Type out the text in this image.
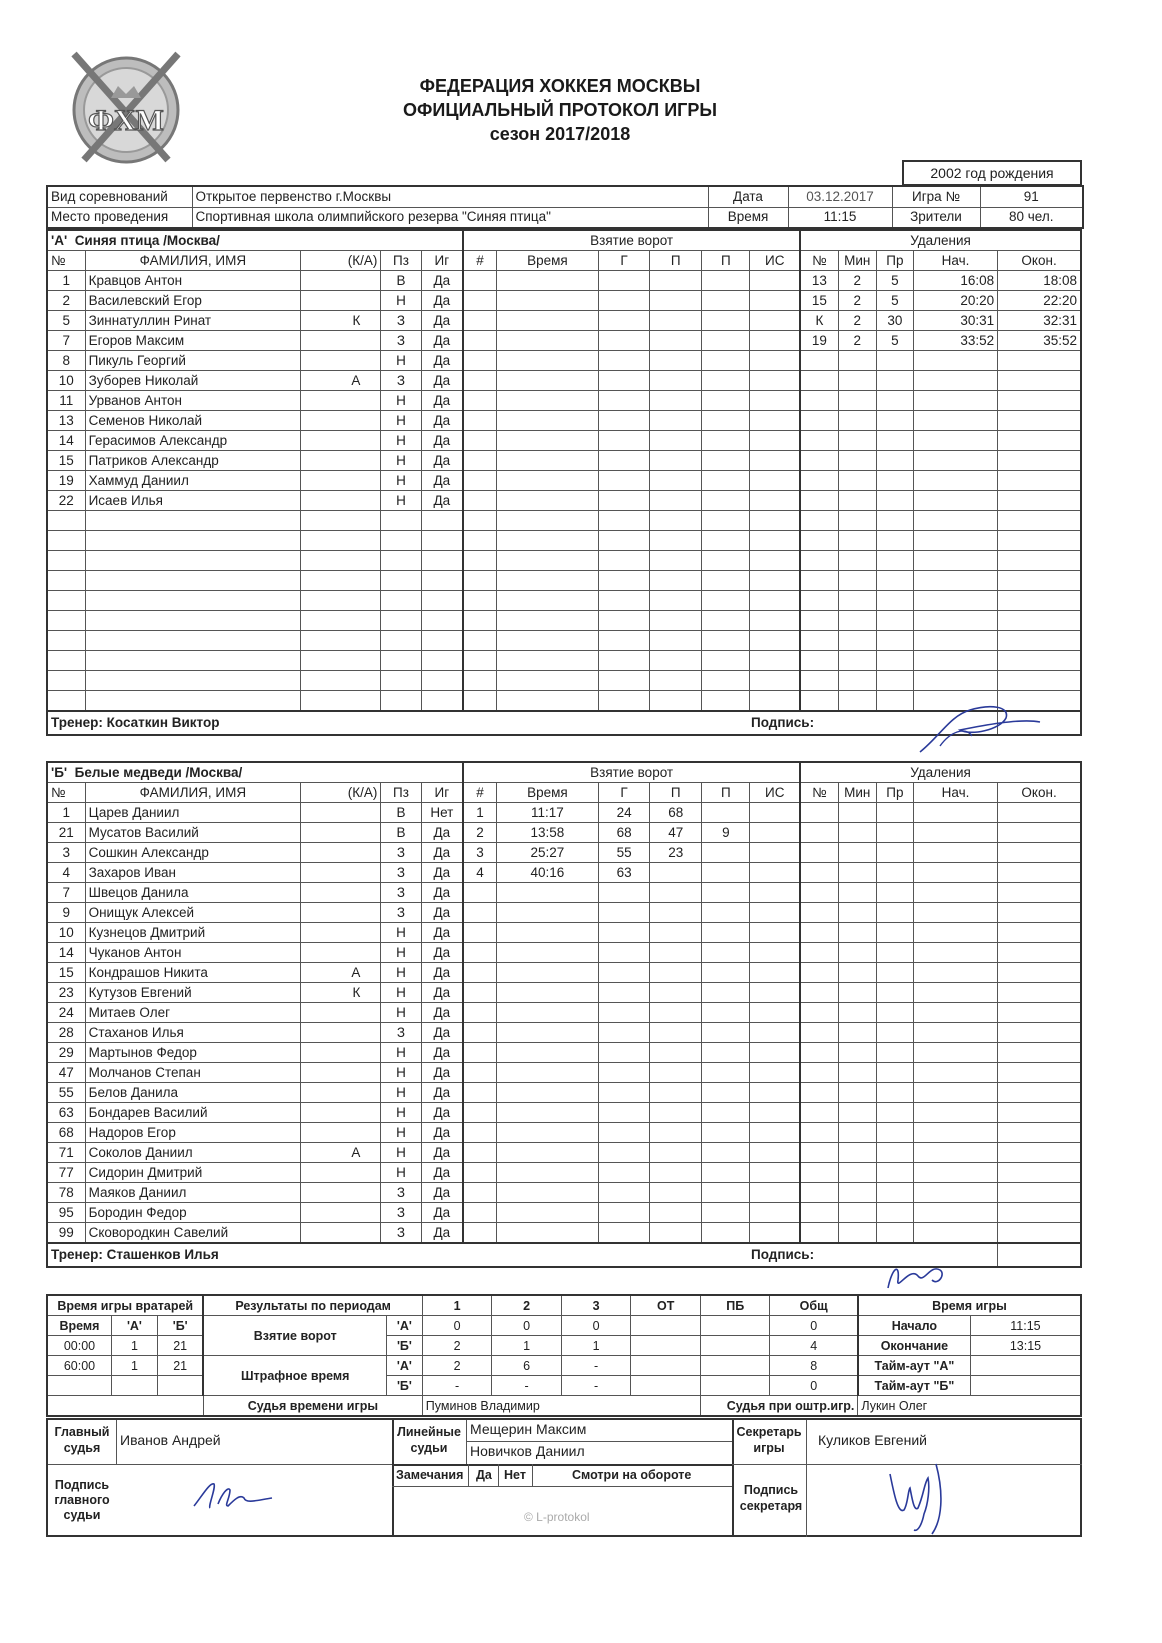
ФХМ
ФЕДЕРАЦИЯ ХОККЕЯ МОСКВЫ
ОФИЦИАЛЬНЫЙ ПРОТОКОЛ ИГРЫ
сезон 2017/2018
2002 год рождения
Вид соревнований	Открытое первенство г.Москвы	Дата	03.12.2017	Игра №	91
Место проведения	Спортивная школа олимпийского резерва "Синяя птица"	Время	11:15	Зрители	80 чел.
'А' Синяя птица /Москва/					Взятие ворот						Удаления				
№	ФАМИЛИЯ, ИМЯ	(К/А)	Пз	Иг	#	Время	Г	П	П	ИС	№	Мин	Пр	Нач.	Окон.
1	Кравцов Антон		В	Да							13	2	5	16:08	18:08
2	Василевский Егор		Н	Да							15	2	5	20:20	22:20
5	Зиннатуллин Ринат	К	З	Да							К	2	30	30:31	32:31
7	Егоров Максим		З	Да							19	2	5	33:52	35:52
8	Пикуль Георгий		Н	Да											
10	Зуборев Николай	А	З	Да											
11	Урванов Антон		Н	Да											
13	Семенов Николай		Н	Да											
14	Герасимов Александр		Н	Да											
15	Патриков Александр		Н	Да											
19	Хаммуд Даниил		Н	Да											
22	Исаев Илья		Н	Да											

Тренер: Косаткин Виктор Подпись:															

'Б' Белые медведи /Москва/					Взятие ворот						Удаления				
№	ФАМИЛИЯ, ИМЯ	(К/А)	Пз	Иг	#	Время	Г	П	П	ИС	№	Мин	Пр	Нач.	Окон.
1	Царев Даниил		В	Нет	1	11:17	24	68							
21	Мусатов Василий		В	Да	2	13:58	68	47	9						
3	Сошкин Александр		З	Да	3	25:27	55	23							
4	Захаров Иван		З	Да	4	40:16	63								
7	Швецов Данила		З	Да											
9	Онищук Алексей		З	Да											
10	Кузнецов Дмитрий		Н	Да											
14	Чуканов Антон		Н	Да											
15	Кондрашов Никита	А	Н	Да											
23	Кутузов Евгений	К	Н	Да											
24	Митаев Олег		Н	Да											
28	Стаханов Илья		З	Да											
29	Мартынов Федор		Н	Да											
47	Молчанов Степан		Н	Да											
55	Белов Данила		Н	Да											
63	Бондарев Василий		Н	Да											
68	Надоров Егор		Н	Да											
71	Соколов Даниил	А	Н	Да											
77	Сидорин Дмитрий		Н	Да											
78	Маяков Даниил		З	Да											
95	Бородин Федор		З	Да											
99	Сковородкин Савелий		З	Да											
Тренер: Сташенков Илья Подпись:															

Время игры вратарей			Результаты по периодам		1	2	3	ОТ	ПБ	Общ	Время игры	
Время	'А'	'Б'	Взятие ворот	'А'	0	0	0			0	Начало	11:15
00:00	1	21		'Б'	2	1	1			4	Окончание	13:15
60:00	1	21	Штрафное время	'А'	2	6	-			8	Тайм-аут "А"	
				'Б'	-	-	-			0	Тайм-аут "Б"	
			Судья времени игры		Пуминов Владимир				Судья при оштр.игр.		Лукин Олег	
Главный судья	Иванов Андрей
Подпись главного судьи
Линейные судьи
Мещерин Максим
Новичков Даниил
Замечания Да Нет	Смотри на обороте
© L-protokol
Секретарь игры	Куликов Евгений
Подпись секретаря
